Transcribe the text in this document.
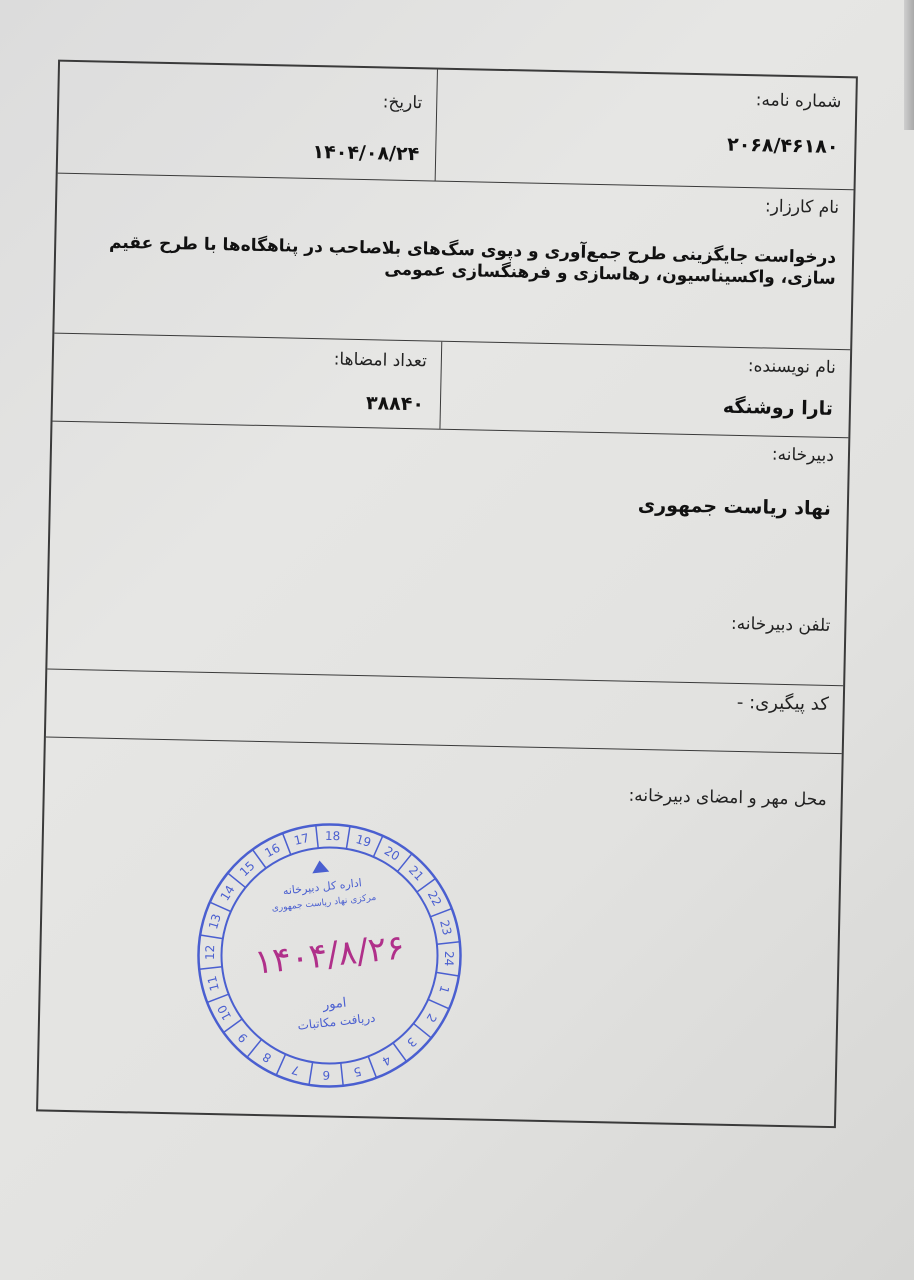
شماره نامه:
۲۰۶۸/۴۶۱۸۰
تاریخ:
۱۴۰۴/۰۸/۲۴
نام کارزار:
درخواست جایگزینی طرح جمع‌آوری و دپوی سگ‌های بلاصاحب در پناهگاه‌ها با طرح عقیم سازی، واکسیناسیون، رهاسازی و فرهنگسازی عمومی
نام نویسنده:
تارا روشنگه
تعداد امضاها:
۳۸۸۴۰
دبیرخانه:
نهاد ریاست جمهوری
تلفن دبیرخانه:
کد پیگیری: -
محل مهر و امضای دبیرخانه:
13
14
15
16
17 18 19
20
21
22
23
24
1
2
3
4
5
6
7
8
9
10
11
12
اداره کل دبیرخانه
مرکزی نهاد ریاست جمهوری
۱۴۰۴/۸/۲۶
امور
دریافت مکاتبات
